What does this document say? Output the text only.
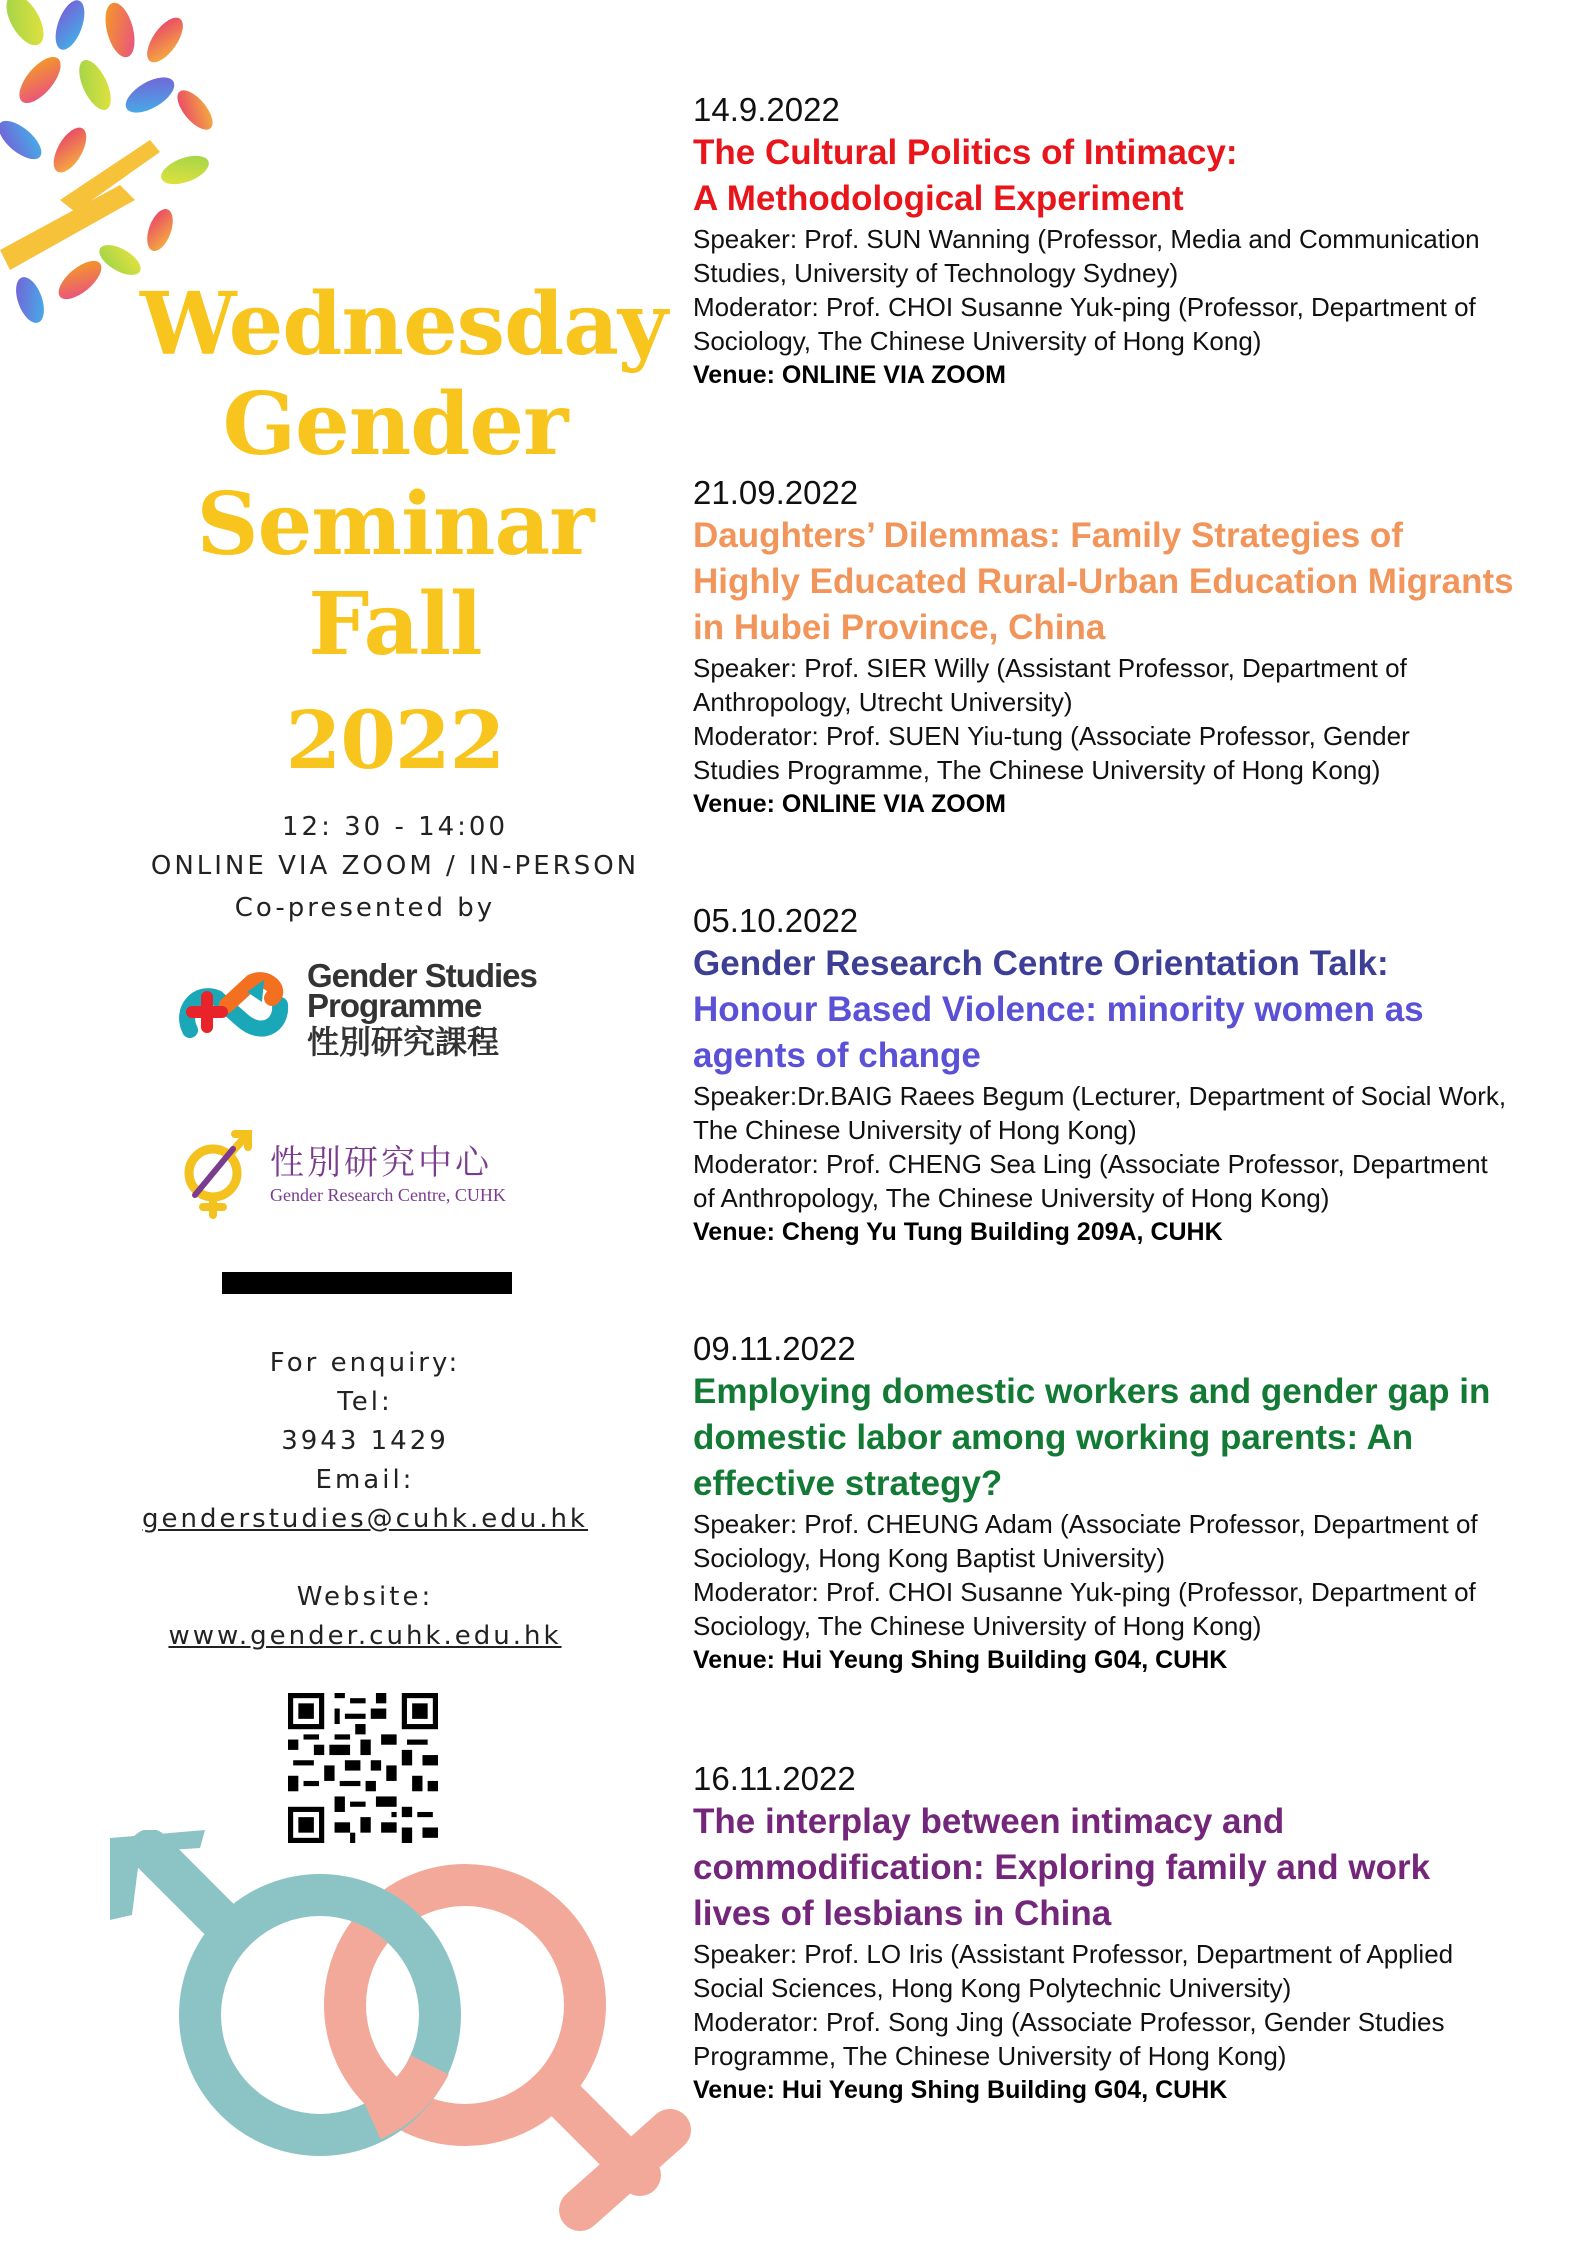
Wednesday
Gender
Seminar
Fall
2022
12: 30 - 14:00
ONLINE VIA ZOOM / IN-PERSON
Co-presented by
For enquiry:
Tel:
3943 1429
Email:
genderstudies@cuhk.edu.hk
Website:
www.gender.cuhk.edu.hk
Gender Studies
Programme
性別研究課程
性別研究中心
Gender Research Centre, CUHK
14.9.2022
The Cultural Politics of Intimacy:
A Methodological Experiment
Speaker: Prof. SUN Wanning (Professor, Media and Communication
Studies, University of Technology Sydney)
Moderator: Prof. CHOI Susanne Yuk-ping (Professor, Department of
Sociology, The Chinese University of Hong Kong)
Venue: ONLINE VIA ZOOM
21.09.2022
Daughters’ Dilemmas: Family Strategies of
Highly Educated Rural-Urban Education Migrants
in Hubei Province, China
Speaker: Prof. SIER Willy (Assistant Professor, Department of
Anthropology, Utrecht University)
Moderator: Prof. SUEN Yiu-tung (Associate Professor, Gender
Studies Programme, The Chinese University of Hong Kong)
Venue: ONLINE VIA ZOOM
05.10.2022
Gender Research Centre Orientation Talk:
Honour Based Violence: minority women as
agents of change
Speaker:Dr.BAIG Raees Begum (Lecturer, Department of Social Work,
The Chinese University of Hong Kong)
Moderator: Prof. CHENG Sea Ling (Associate Professor, Department
of Anthropology, The Chinese University of Hong Kong)
Venue: Cheng Yu Tung Building 209A, CUHK
09.11.2022
Employing domestic workers and gender gap in
domestic labor among working parents: An
effective strategy?
Speaker: Prof. CHEUNG Adam (Associate Professor, Department of
Sociology, Hong Kong Baptist University)
Moderator: Prof. CHOI Susanne Yuk-ping (Professor, Department of
Sociology, The Chinese University of Hong Kong)
Venue: Hui Yeung Shing Building G04, CUHK
16.11.2022
The interplay between intimacy and
commodification: Exploring family and work
lives of lesbians in China
Speaker: Prof. LO Iris (Assistant Professor, Department of Applied
Social Sciences, Hong Kong Polytechnic University)
Moderator: Prof. Song Jing (Associate Professor, Gender Studies
Programme, The Chinese University of Hong Kong)
Venue: Hui Yeung Shing Building G04, CUHK
